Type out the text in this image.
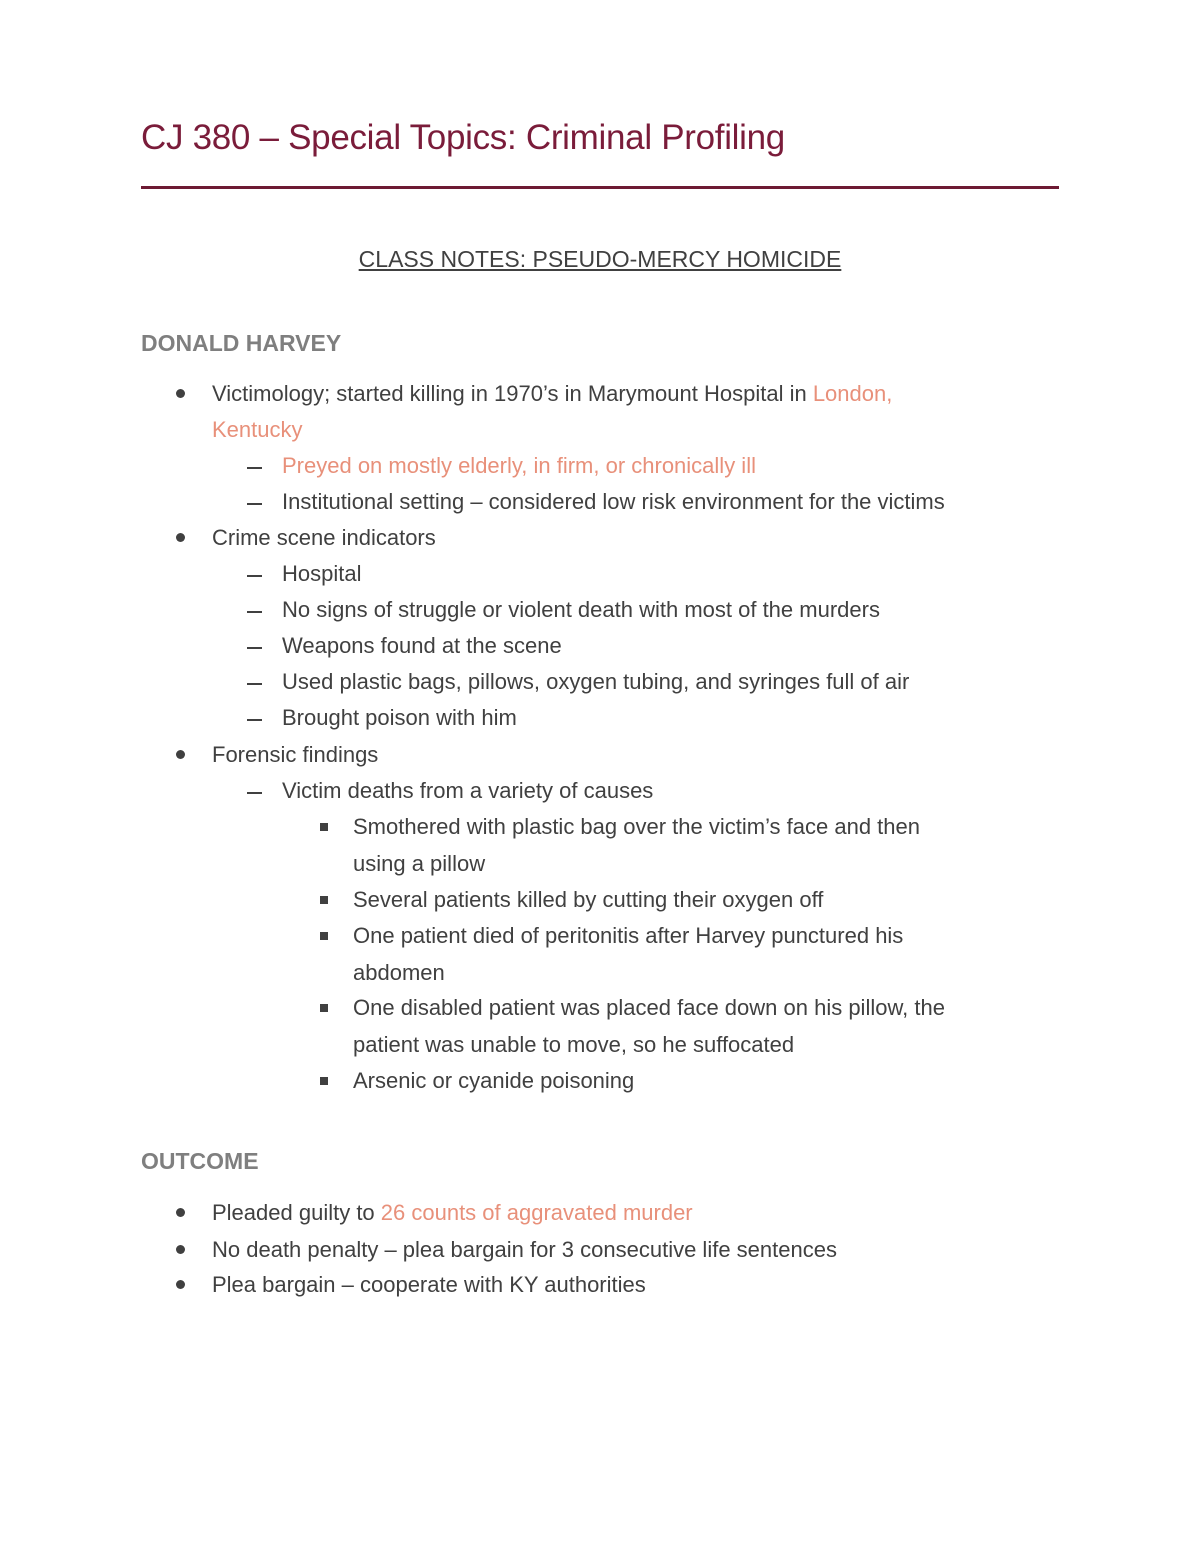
CJ 380 – Special Topics: Criminal Profiling
CLASS NOTES: PSEUDO-MERCY HOMICIDE
DONALD HARVEY
Victimology; started killing in 1970’s in Marymount Hospital in London,
Kentucky
Preyed on mostly elderly, in firm, or chronically ill
Institutional setting – considered low risk environment for the victims
Crime scene indicators
Hospital
No signs of struggle or violent death with most of the murders
Weapons found at the scene
Used plastic bags, pillows, oxygen tubing, and syringes full of air
Brought poison with him
Forensic findings
Victim deaths from a variety of causes
Smothered with plastic bag over the victim’s face and then
using a pillow
Several patients killed by cutting their oxygen off
One patient died of peritonitis after Harvey punctured his
abdomen
One disabled patient was placed face down on his pillow, the
patient was unable to move, so he suffocated
Arsenic or cyanide poisoning
OUTCOME
Pleaded guilty to 26 counts of aggravated murder
No death penalty – plea bargain for 3 consecutive life sentences
Plea bargain – cooperate with KY authorities
